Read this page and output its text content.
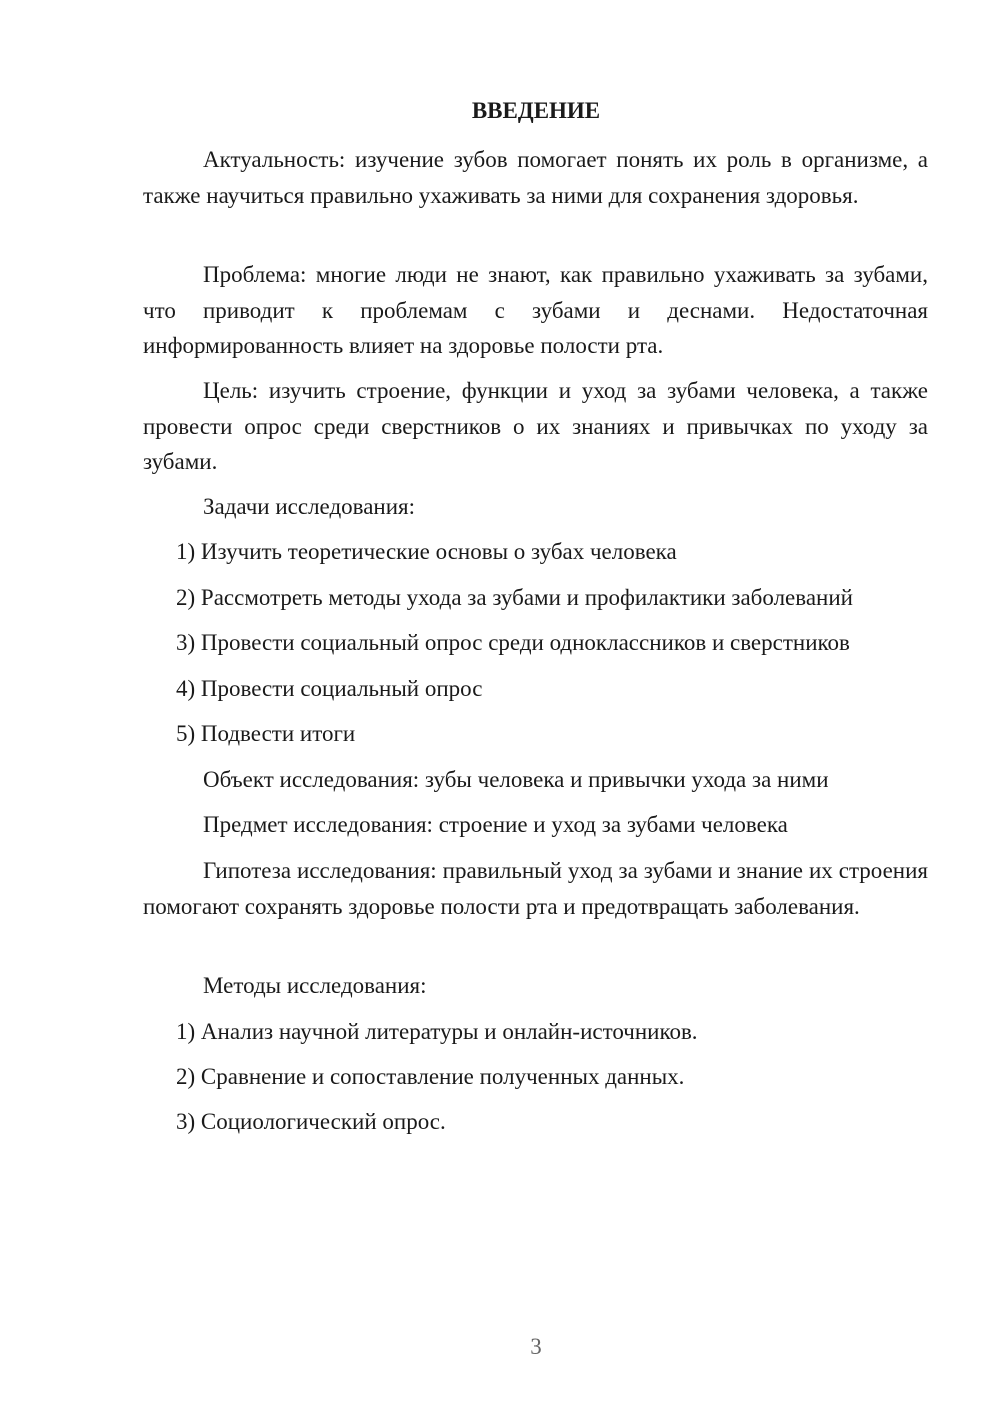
ВВЕДЕНИЕ

Актуальность: изучение зубов помогает понять их роль в организме, а также научиться правильно ухаживать за ними для сохранения здоровья.

Проблема: многие люди не знают, как правильно ухаживать за зубами, что приводит к проблемам с зубами и деснами. Недостаточная информированность влияет на здоровье полости рта.

Цель: изучить строение, функции и уход за зубами человека, а также провести опрос среди сверстников о их знаниях и привычках по уходу за зубами.

Задачи исследования:
1) Изучить теоретические основы о зубах человека
2) Рассмотреть методы ухода за зубами и профилактики заболеваний
3) Провести социальный опрос среди одноклассников и сверстников
4) Провести социальный опрос
5) Подвести итоги
Объект исследования: зубы человека и привычки ухода за ними
Предмет исследования: строение и уход за зубами человека

Гипотеза исследования: правильный уход за зубами и знание их строения помогают сохранять здоровье полости рта и предотвращать заболевания.

Методы исследования:
1) Анализ научной литературы и онлайн-источников.
2) Сравнение и сопоставление полученных данных.
3) Социологический опрос.
3
